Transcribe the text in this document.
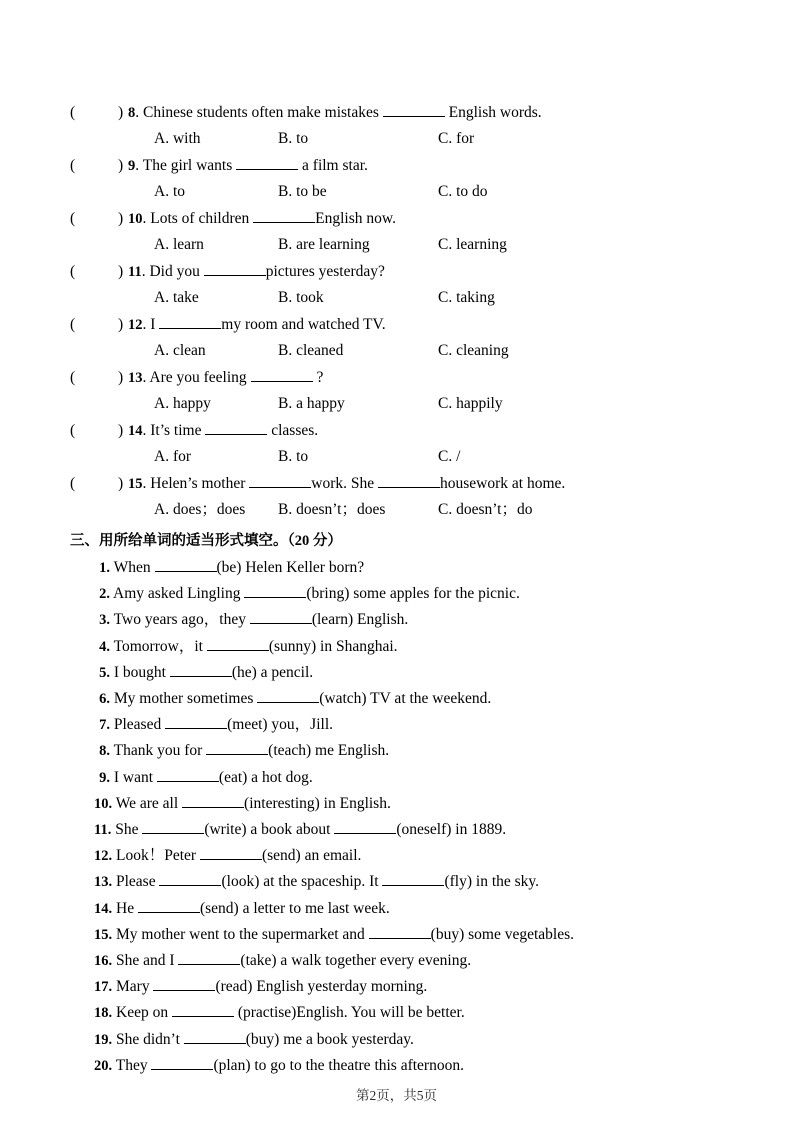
(	) 8. Chinese students often make mistakes	English words.
A. with	B. to	C. for
(	) 9. The girl wants	a film star.
A. to	B. to be	C. to do
(	) 10. Lots of children	English now.
A. learn	B. are learning	C. learning
(	) 11. Did you	pictures yesterday?
A. take	B. took	C. taking
(	) 12. I	my room and watched TV.
A. clean	B. cleaned	C. cleaning
(	) 13. Are you feeling	?
A. happy	B. a happy	C. happily
(	) 14. It’s time	classes.
A. for	B. to	C. /
(	) 15. Helen’s mother	work. She	housework at home.
A. does；does B. doesn’t；does	C. doesn’t；do
三、用所给单词的适当形式填空。（20 分）
1. When	(be) Helen Keller born?
2. Amy asked Lingling	(bring) some apples for the picnic.
3. Two years ago，they	(learn) English.
4. Tomorrow，it	(sunny) in Shanghai.
5. I bought	(he) a pencil.
6. My mother sometimes	(watch) TV at the weekend.
7. Pleased	(meet) you，Jill.
8. Thank you for	(teach) me English.
9. I want	(eat) a hot dog.
10. We are all	(interesting) in English.
11. She	(write) a book about	(oneself) in 1889.
12. Look！Peter	(send) an email.
13. Please	(look) at the spaceship. It	(fly) in the sky.
14. He	(send) a letter to me last week.
15. My mother went to the supermarket and	(buy) some vegetables.
16. She and I	(take) a walk together every evening.
17. Mary	(read) English yesterday morning.
18. Keep on	(practise)English. You will be better.
19. She didn’t	(buy) me a book yesterday.
20. They	(plan) to go to the theatre this afternoon.
第2页，共5页
